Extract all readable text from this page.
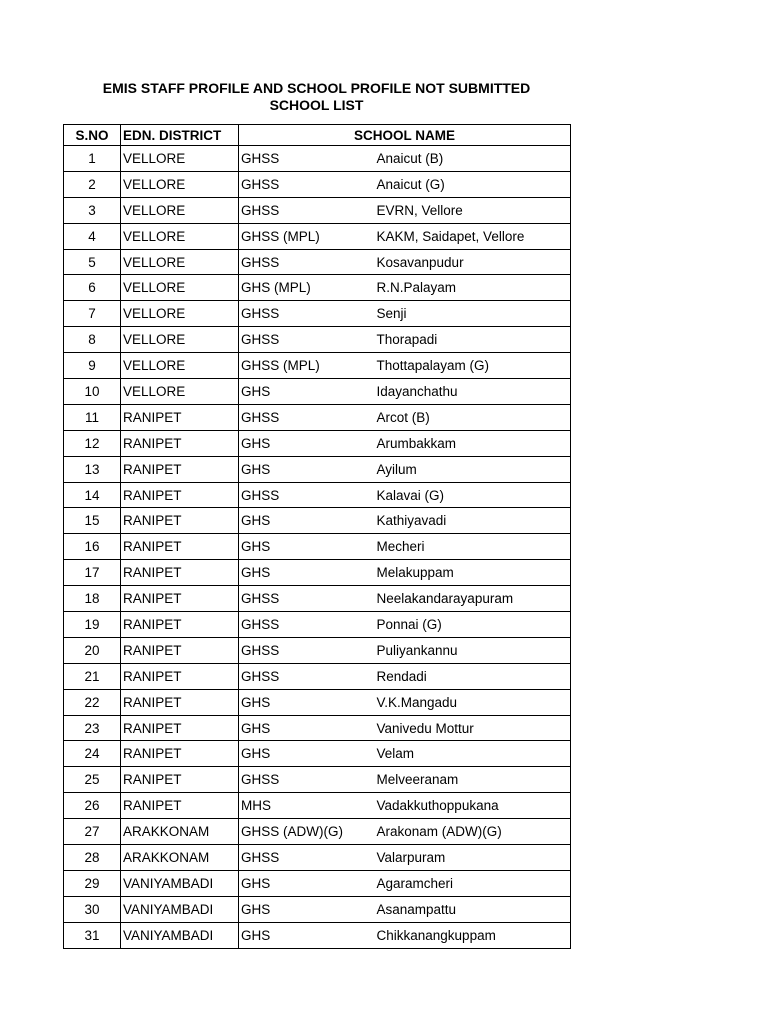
EMIS STAFF PROFILE AND SCHOOL PROFILE NOT SUBMITTED
SCHOOL LIST
S.NO	EDN. DISTRICT	SCHOOL NAME	
1	VELLORE	GHSS	Anaicut (B)
2	VELLORE	GHSS	Anaicut (G)
3	VELLORE	GHSS	EVRN, Vellore
4	VELLORE	GHSS (MPL)	KAKM, Saidapet, Vellore
5	VELLORE	GHSS	Kosavanpudur
6	VELLORE	GHS (MPL)	R.N.Palayam
7	VELLORE	GHSS	Senji
8	VELLORE	GHSS	Thorapadi
9	VELLORE	GHSS (MPL)	Thottapalayam (G)
10	VELLORE	GHS	Idayanchathu
11	RANIPET	GHSS	Arcot (B)
12	RANIPET	GHS	Arumbakkam
13	RANIPET	GHS	Ayilum
14	RANIPET	GHSS	Kalavai (G)
15	RANIPET	GHS	Kathiyavadi
16	RANIPET	GHS	Mecheri
17	RANIPET	GHS	Melakuppam
18	RANIPET	GHSS	Neelakandarayapuram
19	RANIPET	GHSS	Ponnai (G)
20	RANIPET	GHSS	Puliyankannu
21	RANIPET	GHSS	Rendadi
22	RANIPET	GHS	V.K.Mangadu
23	RANIPET	GHS	Vanivedu Mottur
24	RANIPET	GHS	Velam
25	RANIPET	GHSS	Melveeranam
26	RANIPET	MHS	Vadakkuthoppukana
27	ARAKKONAM	GHSS (ADW)(G)	Arakonam (ADW)(G)
28	ARAKKONAM	GHSS	Valarpuram
29	VANIYAMBADI	GHS	Agaramcheri
30	VANIYAMBADI	GHS	Asanampattu
31	VANIYAMBADI	GHS	Chikkanangkuppam
